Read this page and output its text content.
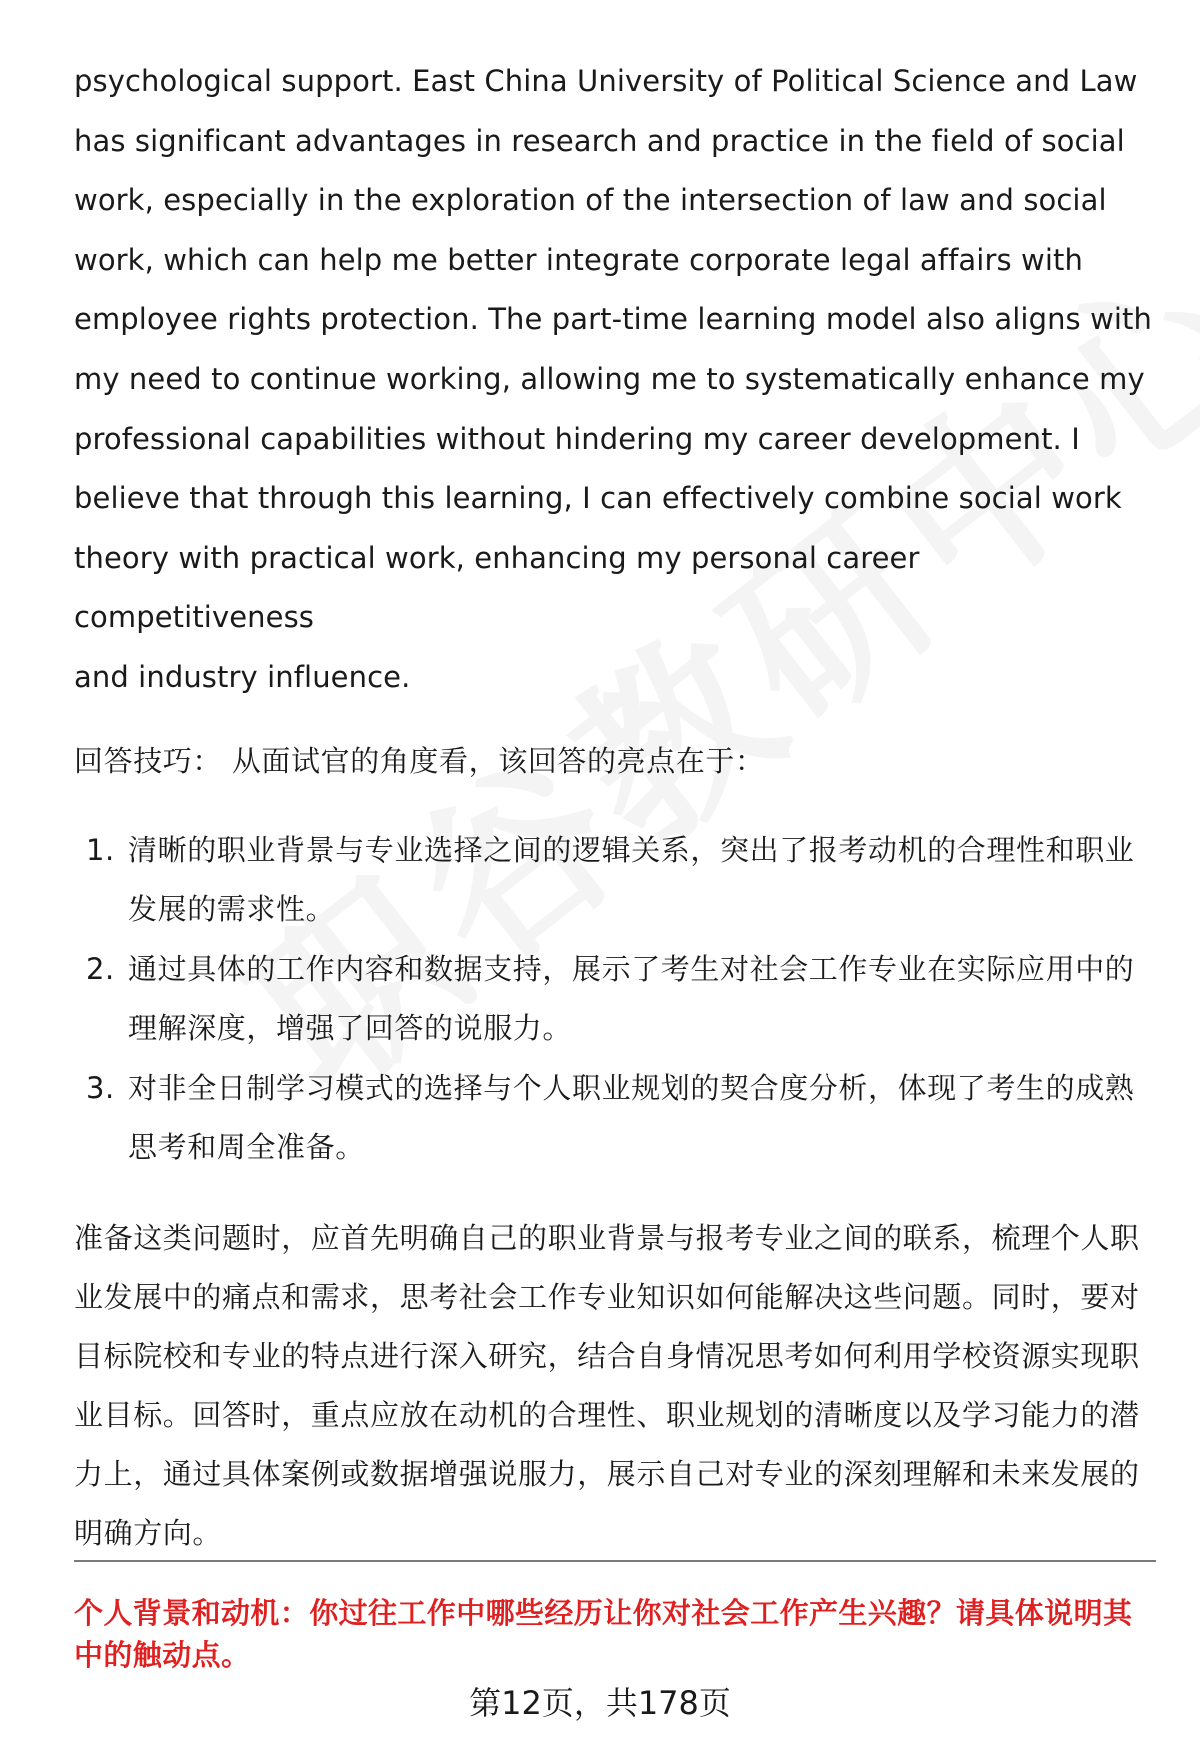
psychological support. East China University of Political Science and Law

has significant advantages in research and practice in the field of social

work, especially in the exploration of the intersection of law and social

work, which can help me better integrate corporate legal affairs with

employee rights protection. The part-time learning model also aligns with

my need to continue working, allowing me to systematically enhance my

professional capabilities without hindering my career development. I

believe that through this learning, I can effectively combine social work

theory with practical work, enhancing my personal career competitiveness

and industry influence.

回答技巧： 从面试官的角度看，该回答的亮点在于：

1. 清晰的职业背景与专业选择之间的逻辑关系，突出了报考动机的合理性和职业发展的需求性。
2. 通过具体的工作内容和数据支持，展示了考生对社会工作专业在实际应用中的理解深度，增强了回答的说服力。
3. 对非全日制学习模式的选择与个人职业规划的契合度分析，体现了考生的成熟思考和周全准备。

准备这类问题时，应首先明确自己的职业背景与报考专业之间的联系，梳理个人职业发展中的痛点和需求，思考社会工作专业知识如何能解决这些问题。同时，要对目标院校和专业的特点进行深入研究，结合自身情况思考如何利用学校资源实现职业目标。回答时，重点应放在动机的合理性、职业规划的清晰度以及学习能力的潜力上，通过具体案例或数据增强说服力，展示自己对专业的深刻理解和未来发展的明确方向。

个人背景和动机：你过往工作中哪些经历让你对社会工作产生兴趣？请具体说明其中的触动点。
第12页，共178页
